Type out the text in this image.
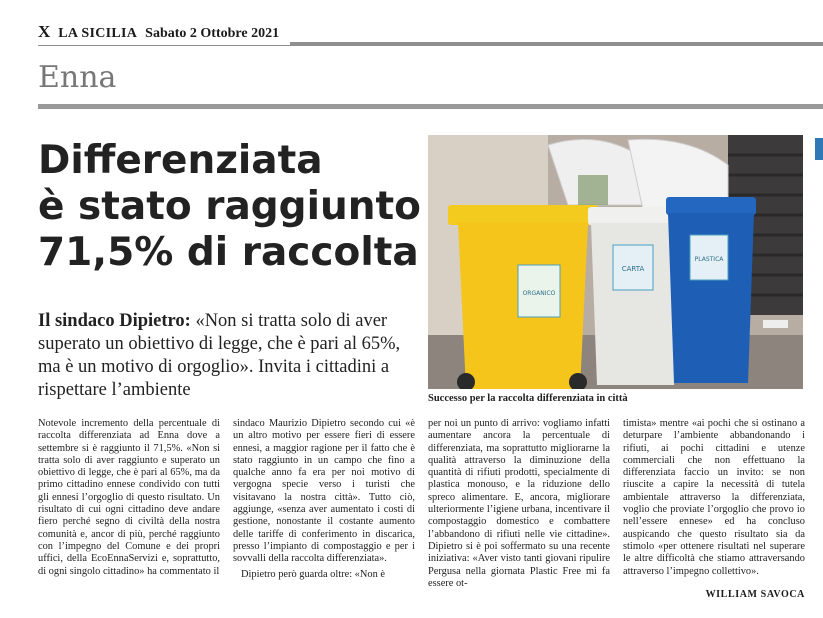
X LA SICILIA Sabato 2 Ottobre 2021
Enna
Differenziata
è stato raggiunto
71,5% di raccolta
Il sindaco Dipietro: «Non si tratta solo di aver superato un obiettivo di legge, che è pari al 65%, ma è un motivo di orgoglio». Invita i cittadini a rispettare l’ambiente
ORGANICO
CARTA
PLASTICA
Successo per la raccolta differenziata in città

Notevole incremento della percentuale di raccolta differenziata ad Enna dove a settembre si è raggiunto il 71,5%. «Non si tratta solo di aver raggiunto e superato un obiettivo di legge, che è pari al 65%, ma da primo cittadino ennese condivido con tutti gli ennesi l’orgoglio di questo risultato. Un risultato di cui ogni cittadino deve andare fiero perché segno di civiltà della nostra comunità e, ancor di più, perché raggiunto con l’impegno del Comune e dei propri uffici, della EcoEnnaServizi e, soprattutto, di ogni singolo cittadino» ha commentato il

sindaco Maurizio Dipietro secondo cui «è un altro motivo per essere fieri di essere ennesi, a maggior ragione per il fatto che è stato raggiunto in un campo che fino a qualche anno fa era per noi motivo di vergogna specie verso i turisti che visitavano la nostra città». Tutto ciò, aggiunge, «senza aver aumentato i costi di gestione, nonostante il costante aumento delle tariffe di conferimento in discarica, presso l’impianto di compostaggio e per i sovvalli della raccolta differenziata».

Dipietro però guarda oltre: «Non è

per noi un punto di arrivo: vogliamo infatti aumentare ancora la percentuale di differenziata, ma soprattutto migliorarne la qualità attraverso la diminuzione della quantità di rifiuti prodotti, specialmente di plastica monouso, e la riduzione dello spreco alimentare. E, ancora, migliorare ulteriormente l’igiene urbana, incentivare il compostaggio domestico e combattere l’abbandono di rifiuti nelle vie cittadine». Dipietro si è poi soffermato su una recente iniziativa: «Aver visto tanti giovani ripulire Pergusa nella giornata Plastic Free mi fa essere ot-

timista» mentre «ai pochi che si ostinano a deturpare l’ambiente abbandonando i rifiuti, ai pochi cittadini e utenze commerciali che non effettuano la differenziata faccio un invito: se non riuscite a capire la necessità di tutela ambientale attraverso la differenziata, voglio che proviate l’orgoglio che provo io nell’essere ennese» ed ha concluso auspicando che questo risultato sia da stimolo «per ottenere risultati nel superare le altre difficoltà che stiamo attraversando attraverso l’impegno collettivo».

WILLIAM SAVOCA
